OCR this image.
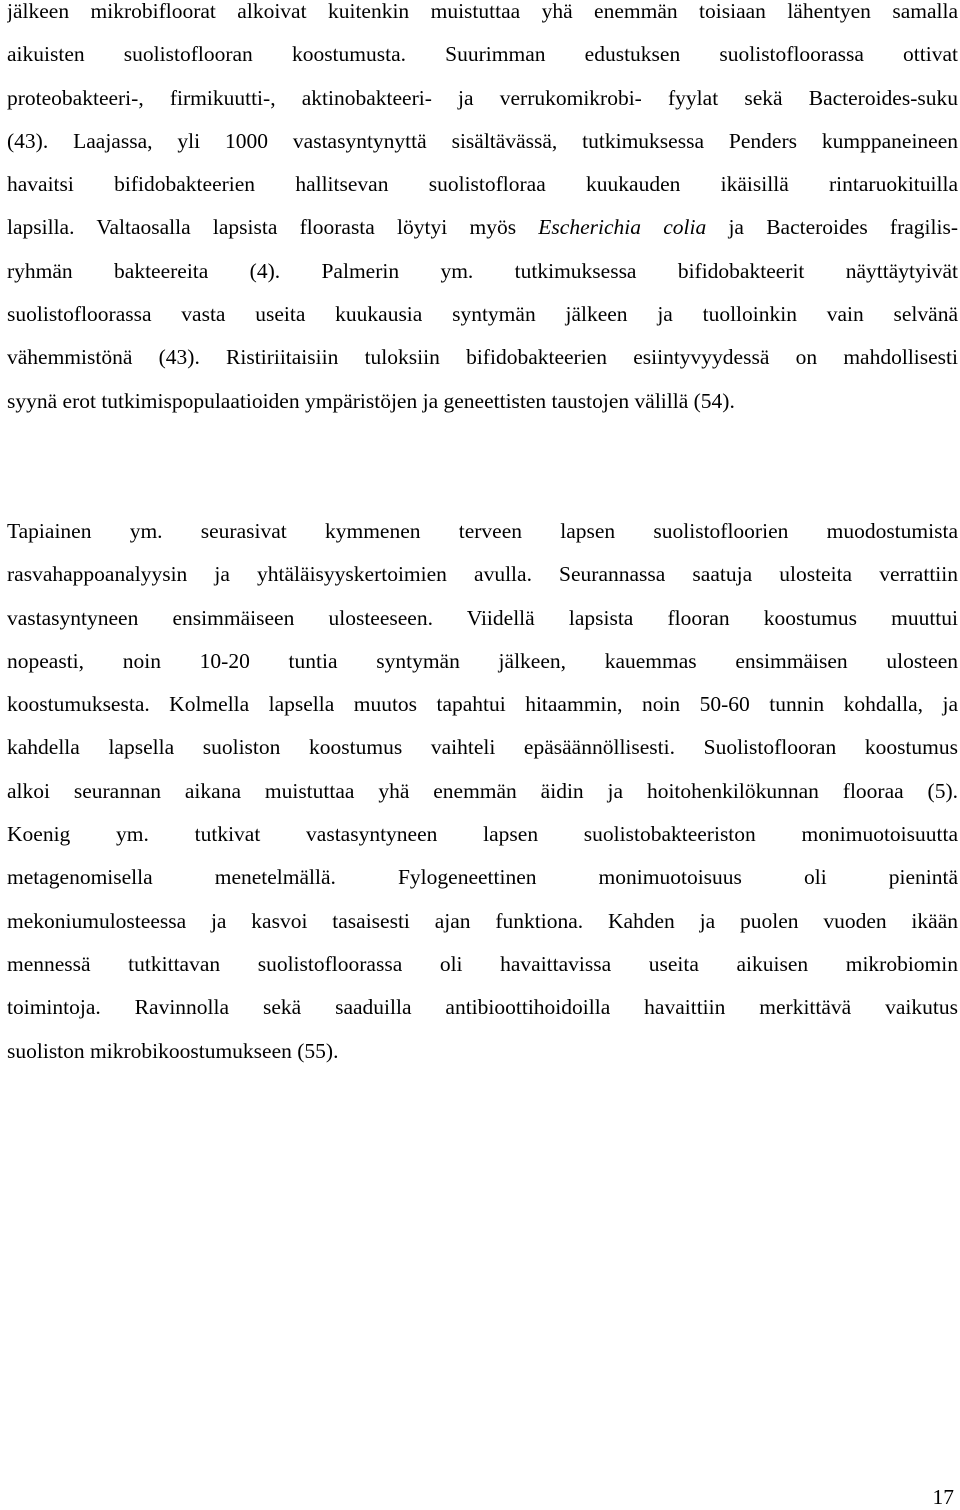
jälkeen mikrobifloorat alkoivat kuitenkin muistuttaa yhä enemmän toisiaan lähentyen samalla
aikuisten suolistoflooran koostumusta. Suurimman edustuksen suolistofloorassa ottivat
proteobakteeri-, firmikuutti-, aktinobakteeri- ja verrukomikrobi- fyylat sekä Bacteroides-suku
(43). Laajassa, yli 1000 vastasyntynyttä sisältävässä, tutkimuksessa Penders kumppaneineen
havaitsi bifidobakteerien hallitsevan suolistofloraa kuukauden ikäisillä rintaruokituilla
lapsilla. Valtaosalla lapsista floorasta löytyi myös Escherichia colia ja Bacteroides fragilis-
ryhmän bakteereita (4). Palmerin ym. tutkimuksessa bifidobakteerit näyttäytyivät
suolistofloorassa vasta useita kuukausia syntymän jälkeen ja tuolloinkin vain selvänä
vähemmistönä (43). Ristiriitaisiin tuloksiin bifidobakteerien esiintyvyydessä on mahdollisesti
syynä erot tutkimispopulaatioiden ympäristöjen ja geneettisten taustojen välillä (54).
Tapiainen ym. seurasivat kymmenen terveen lapsen suolistofloorien muodostumista
rasvahappoanalyysin ja yhtäläisyyskertoimien avulla. Seurannassa saatuja ulosteita verrattiin
vastasyntyneen ensimmäiseen ulosteeseen. Viidellä lapsista flooran koostumus muuttui
nopeasti, noin 10-20 tuntia syntymän jälkeen, kauemmas ensimmäisen ulosteen
koostumuksesta. Kolmella lapsella muutos tapahtui hitaammin, noin 50-60 tunnin kohdalla, ja
kahdella lapsella suoliston koostumus vaihteli epäsäännöllisesti. Suolistoflooran koostumus
alkoi seurannan aikana muistuttaa yhä enemmän äidin ja hoitohenkilökunnan flooraa (5).
Koenig ym. tutkivat vastasyntyneen lapsen suolistobakteeriston monimuotoisuutta
metagenomisella menetelmällä. Fylogeneettinen monimuotoisuus oli pienintä
mekoniumulosteessa ja kasvoi tasaisesti ajan funktiona. Kahden ja puolen vuoden ikään
mennessä tutkittavan suolistofloorassa oli havaittavissa useita aikuisen mikrobiomin
toimintoja. Ravinnolla sekä saaduilla antibioottihoidoilla havaittiin merkittävä vaikutus
suoliston mikrobikoostumukseen (55).
17
